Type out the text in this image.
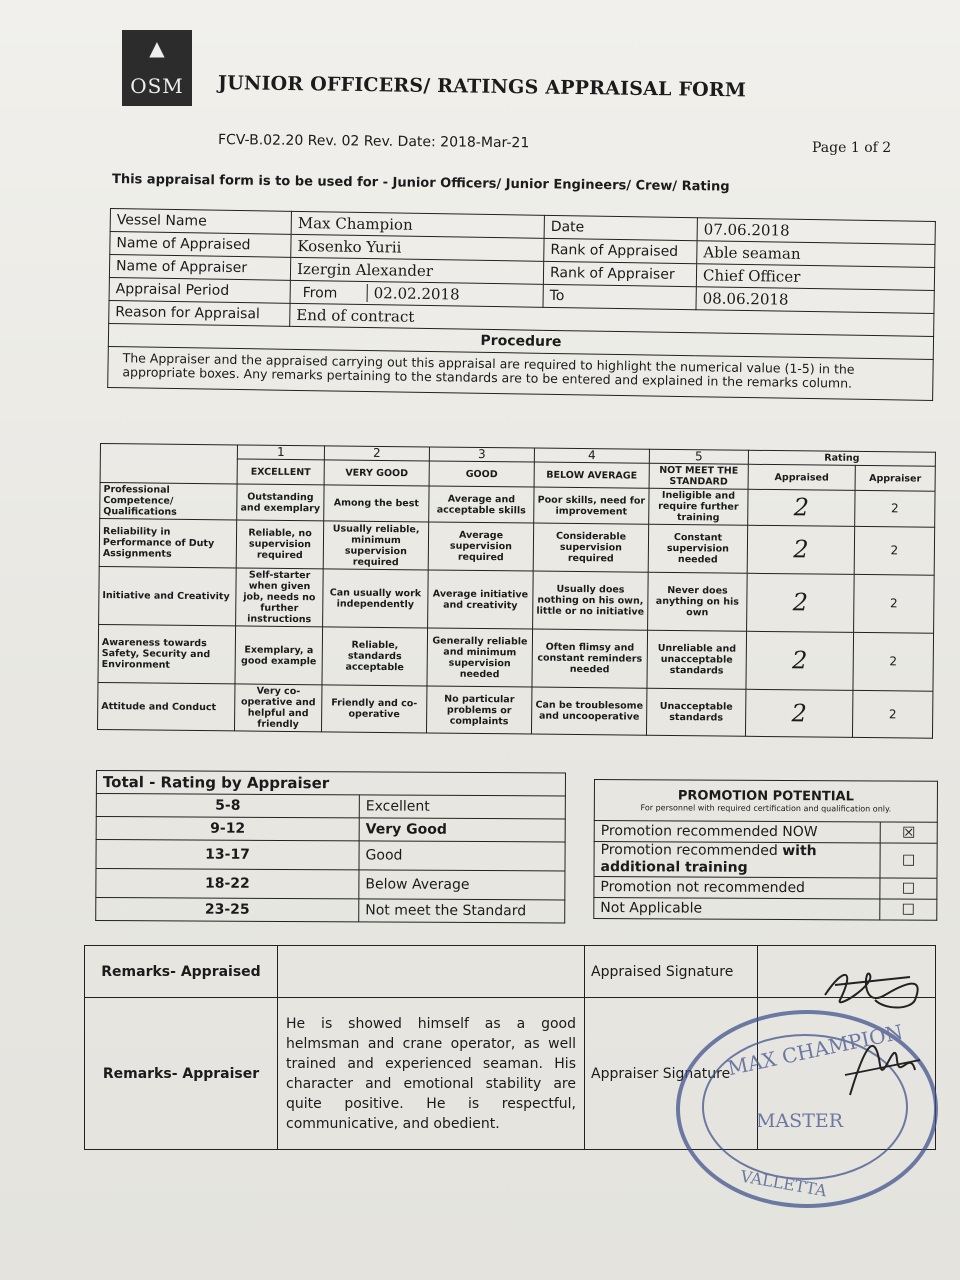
▲
OSM	JUNIOR OFFICERS/ RATINGS APPRAISAL FORM
FCV-B.02.20 Rev. 02 Rev. Date: 2018-Mar-21	Page 1 of 2
This appraisal form is to be used for - Junior Officers/ Junior Engineers/ Crew/ Rating
Vessel Name	Max Champion	Date	07.06.2018
Name of Appraised	Kosenko Yurii	Rank of Appraised	Able seaman
Name of Appraiser	Izergin Alexander	Rank of Appraiser	Chief Officer
Appraisal Period	From 02.02.2018	To	08.06.2018
Reason for Appraisal	End of contract		
Procedure			
The Appraiser and the appraised carrying out this appraisal are required to highlight the numerical value (1-5) in the appropriate boxes. Any remarks pertaining to the standards are to be entered and explained in the remarks column.			
	1	2	3	4	5	Rating	
	EXCELLENT	VERY GOOD	GOOD	BELOW AVERAGE	NOT MEET THE STANDARD	Appraised	Appraiser
Professional Competence/ Qualifications	Outstanding and exemplary	Among the best	Average and acceptable skills	Poor skills, need for improvement	Ineligible and require further training	2	2
Reliability in Performance of Duty Assignments	Reliable, no supervision required	Usually reliable, minimum supervision required	Average supervision required	Considerable supervision required	Constant supervision needed	2	2
Initiative and Creativity	Self-starter when given job, needs no further instructions	Can usually work independently	Average initiative and creativity	Usually does nothing on his own, little or no initiative	Never does anything on his own	2	2
Awareness towards Safety, Security and Environment	Exemplary, a good example	Reliable, standards acceptable	Generally reliable and minimum supervision needed	Often flimsy and constant reminders needed	Unreliable and unacceptable standards	2	2
Attitude and Conduct	Very co-operative and helpful and friendly	Friendly and co-operative	No particular problems or complaints	Can be troublesome and uncooperative	Unacceptable standards	2	2
Total - Rating by Appraiser	
5-8	Excellent
9-12	Very Good
13-17	Good
18-22	Below Average
23-25	Not meet the Standard
PROMOTION POTENTIAL
For personnel with required certification and qualification only.	

Promotion recommended NOW	☒
Promotion recommended with additional training	☐
Promotion not recommended	☐
Not Applicable	☐
Remarks- Appraised		Appraised Signature	
Remarks- Appraiser	He is showed himself as a good helmsman and crane operator, as well trained and experienced seaman. His character and emotional stability are quite positive. He is respectful, communicative, and obedient.	Appraiser Signature	
MAX CHAMPION
MASTER
VALLETTA
